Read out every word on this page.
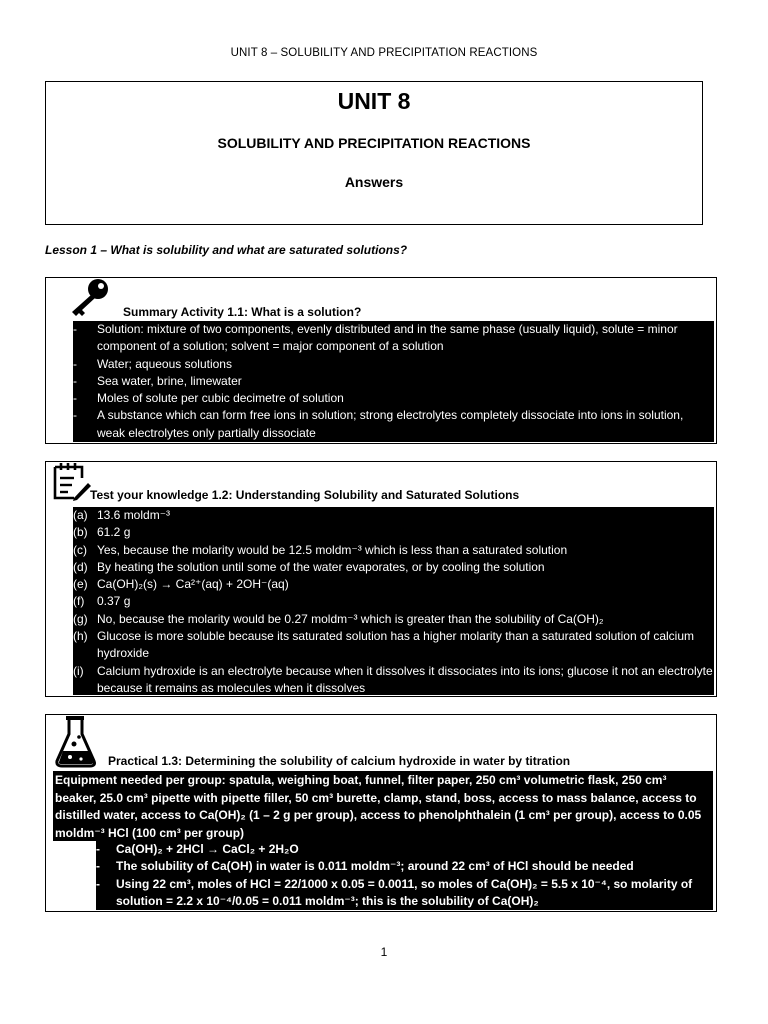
UNIT 8 – SOLUBILITY AND PRECIPITATION REACTIONS
UNIT 8
SOLUBILITY AND PRECIPITATION REACTIONS
Answers
Lesson 1 – What is solubility and what are saturated solutions?
Summary Activity 1.1: What is a solution?
-	Solution: mixture of two components, evenly distributed and in the same phase (usually liquid), solute = minor component of a solution; solvent = major component of a solution
-	Water; aqueous solutions
-	Sea water, brine, limewater
-	Moles of solute per cubic decimetre of solution
-	A substance which can form free ions in solution; strong electrolytes completely dissociate into ions in solution, weak electrolytes only partially dissociate
Test your knowledge 1.2: Understanding Solubility and Saturated Solutions
(a) 13.6 moldm⁻³
(b) 61.2 g
(c) Yes, because the molarity would be 12.5 moldm⁻³ which is less than a saturated solution
(d) By heating the solution until some of the water evaporates, or by cooling the solution
(e) Ca(OH)₂(s) → Ca²⁺(aq) + 2OH⁻(aq)
(f)	0.37 g
(g) No, because the molarity would be 0.27 moldm⁻³ which is greater than the solubility of Ca(OH)₂
(h) Glucose is more soluble because its saturated solution has a higher molarity than a saturated solution of calcium hydroxide
(i)	Calcium hydroxide is an electrolyte because when it dissolves it dissociates into its ions; glucose it not an electrolyte because it remains as molecules when it dissolves
Practical 1.3: Determining the solubility of calcium hydroxide in water by titration
Equipment needed per group: spatula, weighing boat, funnel, filter paper, 250 cm³ volumetric flask, 250 cm³ beaker, 25.0 cm³ pipette with pipette filler, 50 cm³ burette, clamp, stand, boss, access to mass balance, access to distilled water, access to Ca(OH)₂ (1 – 2 g per group), access to phenolphthalein (1 cm³ per group), access to 0.05 moldm⁻³ HCl (100 cm³ per group)
-	Ca(OH)₂ + 2HCl → CaCl₂ + 2H₂O
-	The solubility of Ca(OH) in water is 0.011 moldm⁻³; around 22 cm³ of HCl should be needed
-	Using 22 cm³, moles of HCl = 22/1000 x 0.05 = 0.0011, so moles of Ca(OH)₂ = 5.5 x 10⁻⁴, so molarity of solution = 2.2 x 10⁻⁴/0.05 = 0.011 moldm⁻³; this is the solubility of Ca(OH)₂
1
